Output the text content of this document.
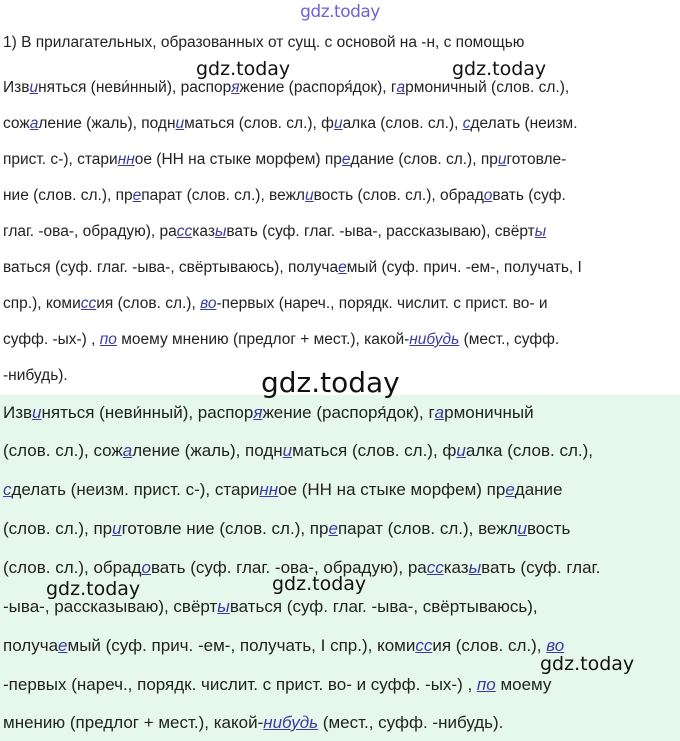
gdz.today
1) В прилагательных, образованных от сущ. с основой на -н, с помощью
Извиняться (неви́нный), распоряжение (распоря́док), гармоничный (слов. сл.),
сожаление (жаль), подниматься (слов. сл.), фиалка (слов. сл.), сделать (неизм.
прист. с-), старинное (НН на стыке морфем) предание (слов. сл.), приготовле-
ние (слов. сл.), препарат (слов. сл.), вежливость (слов. сл.), обрадовать (суф.
глаг. -ова-, обрадую), рассказывать (суф. глаг. -ыва-, рассказываю), свёрты
ваться (суф. глаг. -ыва-, свёртываюсь), получаемый (суф. прич. -ем-, получать, I
спр.), комиссия (слов. сл.), во-первых (нареч., порядк. числит. с прист. во- и
суфф. -ых-) , по моему мнению (предлог + мест.), какой-нибудь (мест., суфф.
-нибудь).
Извиняться (неви́нный), распоряжение (распоря́док), гармоничный
(слов. сл.), сожаление (жаль), подниматься (слов. сл.), фиалка (слов. сл.),
сделать (неизм. прист. с-), старинное (НН на стыке морфем) предание
(слов. сл.), приготовле ние (слов. сл.), препарат (слов. сл.), вежливость
(слов. сл.), обрадовать (суф. глаг. -ова-, обрадую), рассказывать (суф. глаг.
-ыва-, рассказываю), свёртываться (суф. глаг. -ыва-, свёртываюсь),
получаемый (суф. прич. -ем-, получать, I спр.), комиссия (слов. сл.), во
-первых (нареч., порядк. числит. с прист. во- и суфф. -ых-) , по моему
мнению (предлог + мест.), какой-нибудь (мест., суфф. -нибудь).
gdz.today	gdz.today
gdz.today
gdz.today	gdz.today
gdz.today
